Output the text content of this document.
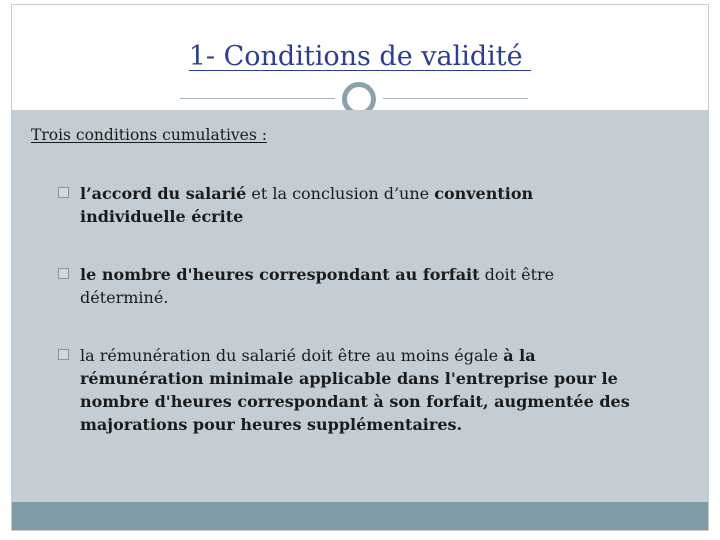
1- Conditions de validité
Trois conditions cumulatives :
l’accord du salarié et la conclusion d’une convention individuelle écrite
le nombre d'heures correspondant au forfait doit être déterminé.
la rémunération du salarié doit être au moins égale à la rémunération minimale applicable dans l'entreprise pour le nombre d'heures correspondant à son forfait, augmentée des majorations pour heures supplémentaires.
